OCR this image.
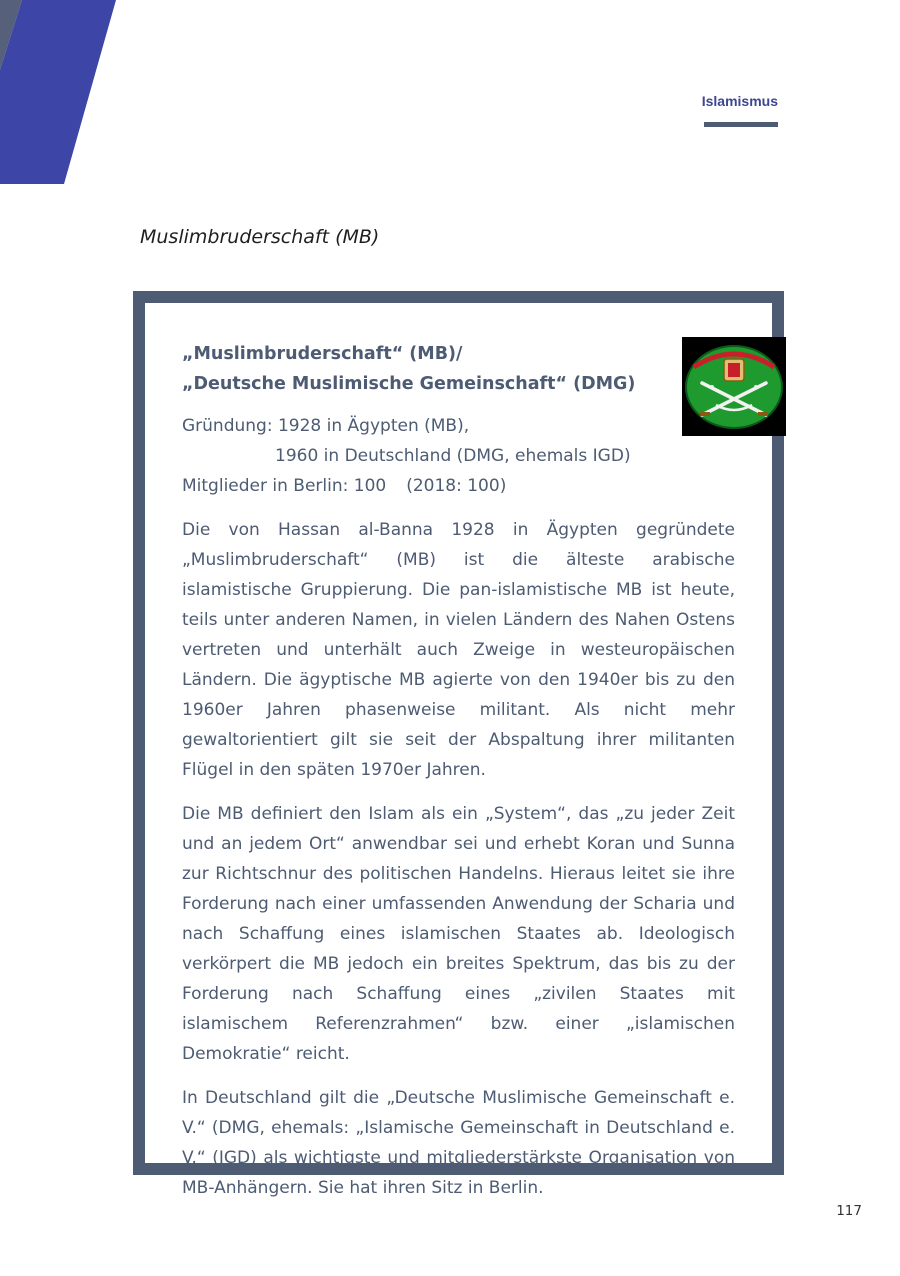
Islamismus
Muslimbruderschaft (MB)
„Muslimbruderschaft“ (MB)/
„Deutsche Muslimische Gemeinschaft“ (DMG)
Gründung: 1928 in Ägypten (MB),
1960 in Deutschland (DMG, ehemals IGD)
Mitglieder in Berlin: 100 (2018: 100)

Die von Hassan al-Banna 1928 in Ägypten gegründete „Muslimbruderschaft“ (MB) ist die älteste arabische islamistische Gruppierung. Die pan-islamistische MB ist heute, teils unter anderen Namen, in vielen Ländern des Nahen Ostens vertreten und unterhält auch Zweige in westeuropäischen Ländern. Die ägyptische MB agierte von den 1940er bis zu den 1960er Jahren phasenweise militant. Als nicht mehr gewaltorientiert gilt sie seit der Abspaltung ihrer militanten Flügel in den späten 1970er Jahren.

Die MB definiert den Islam als ein „System“, das „zu jeder Zeit und an jedem Ort“ anwendbar sei und erhebt Koran und Sunna zur Richtschnur des politischen Handelns. Hieraus leitet sie ihre Forderung nach einer umfassenden Anwendung der Scharia und nach Schaffung eines islamischen Staates ab. Ideologisch verkörpert die MB jedoch ein breites Spektrum, das bis zu der Forderung nach Schaffung eines „zivilen Staates mit islamischem Referenzrahmen“ bzw. einer „islamischen Demokratie“ reicht.

In Deutschland gilt die „Deutsche Muslimische Gemeinschaft e. V.“ (DMG, ehemals: „Islamische Gemeinschaft in Deutschland e. V.“ (IGD) als wichtigste und mitgliederstärkste Organisation von MB-Anhängern. Sie hat ihren Sitz in Berlin.

117
